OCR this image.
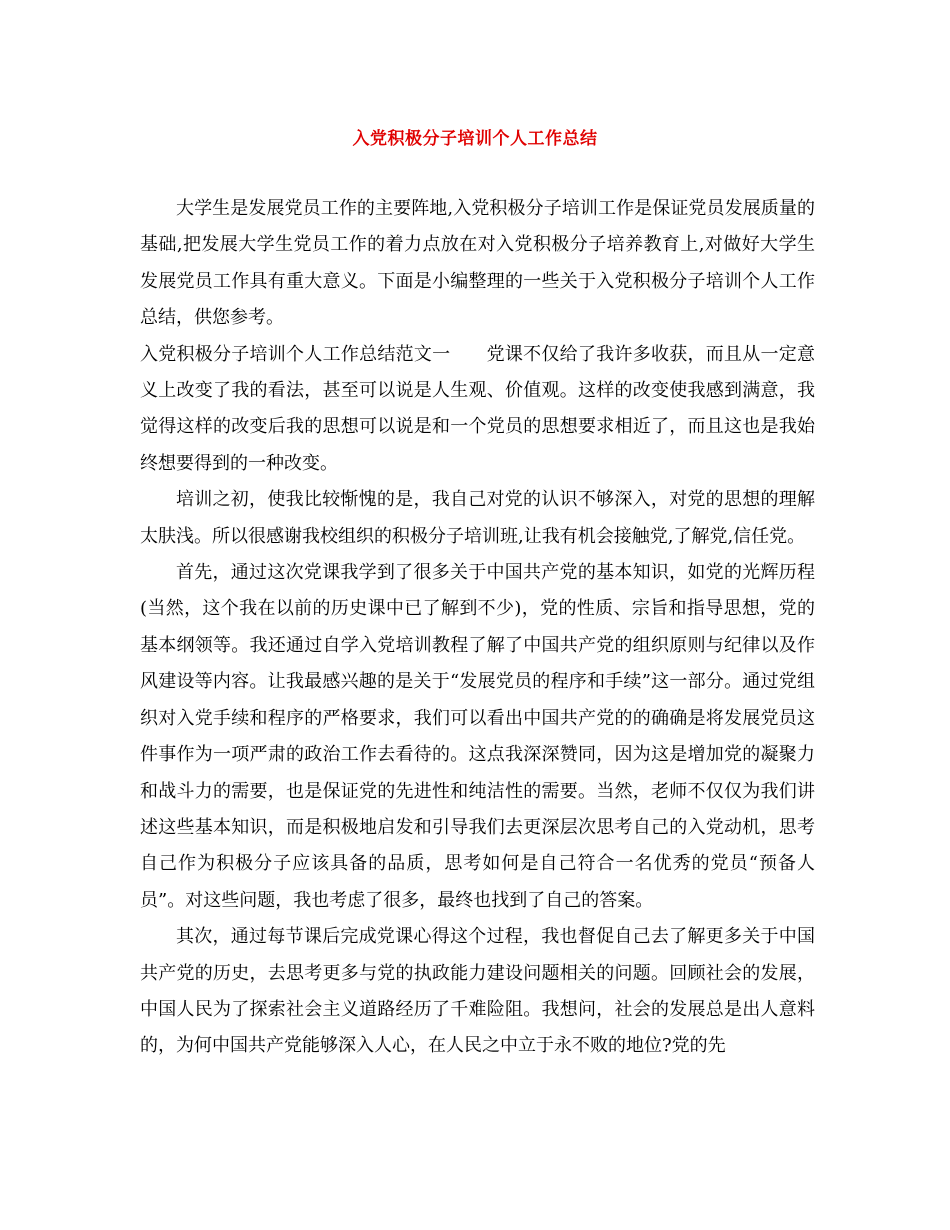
入党积极分子培训个人工作总结

大学生是发展党员工作的主要阵地,入党积极分子培训工作是保证党员发展质量的基础,把发展大学生党员工作的着力点放在对入党积极分子培养教育上,对做好大学生发展党员工作具有重大意义。下面是小编整理的一些关于入党积极分子培训个人工作总结，供您参考。

入党积极分子培训个人工作总结范文一 党课不仅给了我许多收获，而且从一定意义上改变了我的看法，甚至可以说是人生观、价值观。这样的改变使我感到满意，我觉得这样的改变后我的思想可以说是和一个党员的思想要求相近了，而且这也是我始终想要得到的一种改变。

培训之初，使我比较惭愧的是，我自己对党的认识不够深入，对党的思想的理解太肤浅。所以很感谢我校组织的积极分子培训班,让我有机会接触党,了解党,信任党。

首先，通过这次党课我学到了很多关于中国共产党的基本知识，如党的光辉历程(当然，这个我在以前的历史课中已了解到不少)，党的性质、宗旨和指导思想，党的基本纲领等。我还通过自学入党培训教程了解了中国共产党的组织原则与纪律以及作风建设等内容。让我最感兴趣的是关于“发展党员的程序和手续”这一部分。通过党组织对入党手续和程序的严格要求，我们可以看出中国共产党的的确确是将发展党员这件事作为一项严肃的政治工作去看待的。这点我深深赞同，因为这是增加党的凝聚力和战斗力的需要，也是保证党的先进性和纯洁性的需要。当然，老师不仅仅为我们讲述这些基本知识，而是积极地启发和引导我们去更深层次思考自己的入党动机，思考自己作为积极分子应该具备的品质，思考如何是自己符合一名优秀的党员“预备人员”。对这些问题，我也考虑了很多，最终也找到了自己的答案。

其次，通过每节课后完成党课心得这个过程，我也督促自己去了解更多关于中国共产党的历史，去思考更多与党的执政能力建设问题相关的问题。回顾社会的发展，中国人民为了探索社会主义道路经历了千难险阻。我想问，社会的发展总是出人意料的，为何中国共产党能够深入人心，在人民之中立于永不败的地位?党的先
